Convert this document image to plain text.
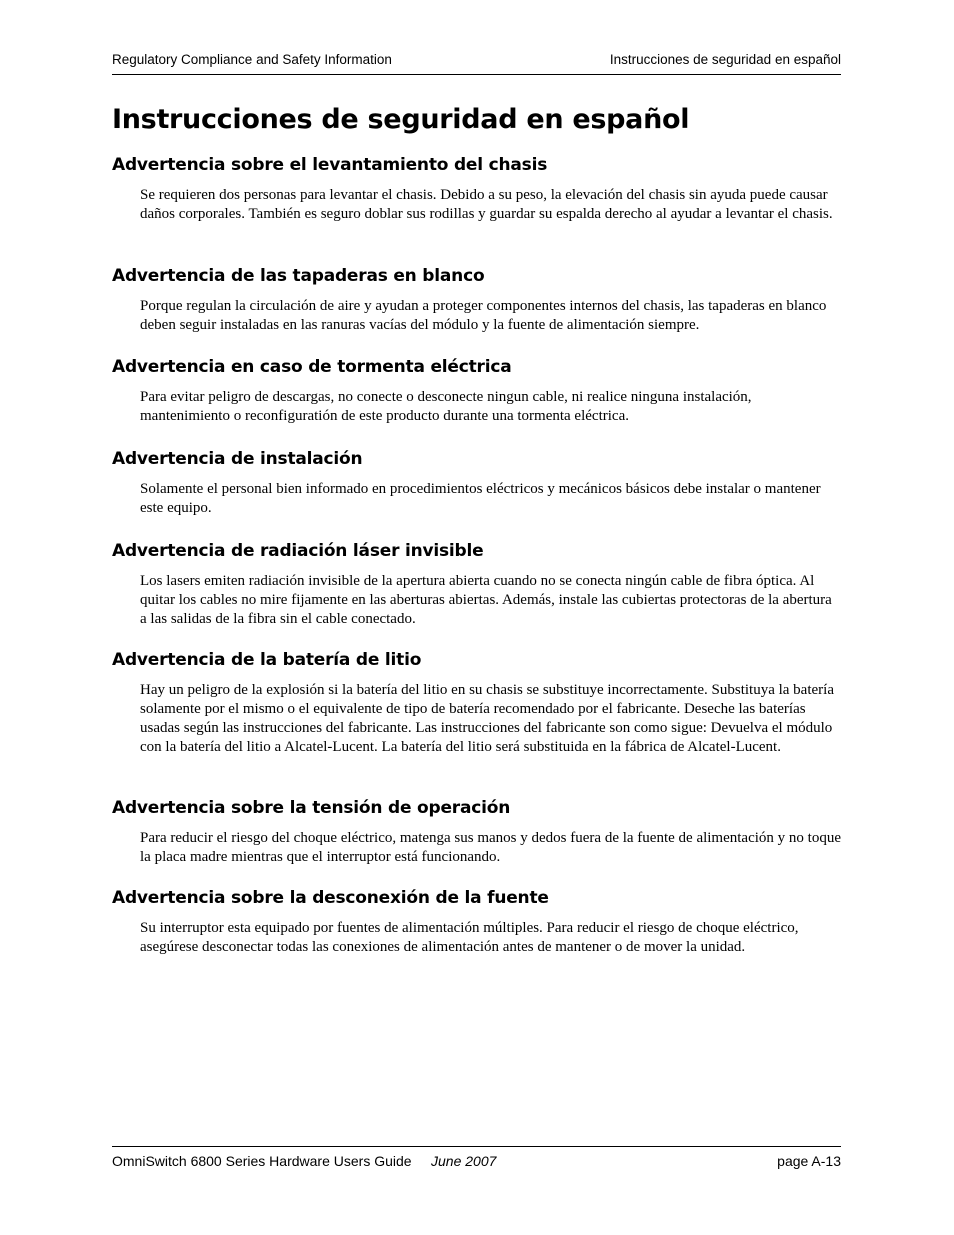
Regulatory Compliance and Safety Information	Instrucciones de seguridad en español
Instrucciones de seguridad en español
Advertencia sobre el levantamiento del chasis

Se requieren dos personas para levantar el chasis. Debido a su peso, la elevación del chasis sin ayuda puede causar daños corporales. También es seguro doblar sus rodillas y guardar su espalda derecho al ayudar a levantar el chasis.

Advertencia de las tapaderas en blanco

Porque regulan la circulación de aire y ayudan a proteger componentes internos del chasis, las tapaderas en blanco deben seguir instaladas en las ranuras vacías del módulo y la fuente de alimentación siempre.

Advertencia en caso de tormenta eléctrica

Para evitar peligro de descargas, no conecte o desconecte ningun cable, ni realice ninguna instalación, mantenimiento o reconfiguratión de este producto durante una tormenta eléctrica.

Advertencia de instalación

Solamente el personal bien informado en procedimientos eléctricos y mecánicos básicos debe instalar o mantener este equipo.

Advertencia de radiación láser invisible

Los lasers emiten radiación invisible de la apertura abierta cuando no se conecta ningún cable de fibra óptica. Al quitar los cables no mire fijamente en las aberturas abiertas. Además, instale las cubiertas protectoras de la abertura a las salidas de la fibra sin el cable conectado.

Advertencia de la batería de litio

Hay un peligro de la explosión si la batería del litio en su chasis se substituye incorrectamente. Substituya la batería solamente por el mismo o el equivalente de tipo de batería recomendado por el fabricante. Deseche las baterías usadas según las instrucciones del fabricante. Las instrucciones del fabricante son como sigue: Devuelva el módulo con la batería del litio a Alcatel-Lucent. La batería del litio será substituida en la fábrica de Alcatel-Lucent.

Advertencia sobre la tensión de operación

Para reducir el riesgo del choque eléctrico, matenga sus manos y dedos fuera de la fuente de alimentación y no toque la placa madre mientras que el interruptor está funcionando.

Advertencia sobre la desconexión de la fuente

Su interruptor esta equipado por fuentes de alimentación múltiples. Para reducir el riesgo de choque eléctrico, asegúrese desconectar todas las conexiones de alimentación antes de mantener o de mover la unidad.

OmniSwitch 6800 Series Hardware Users Guide June 2007	page A-13
